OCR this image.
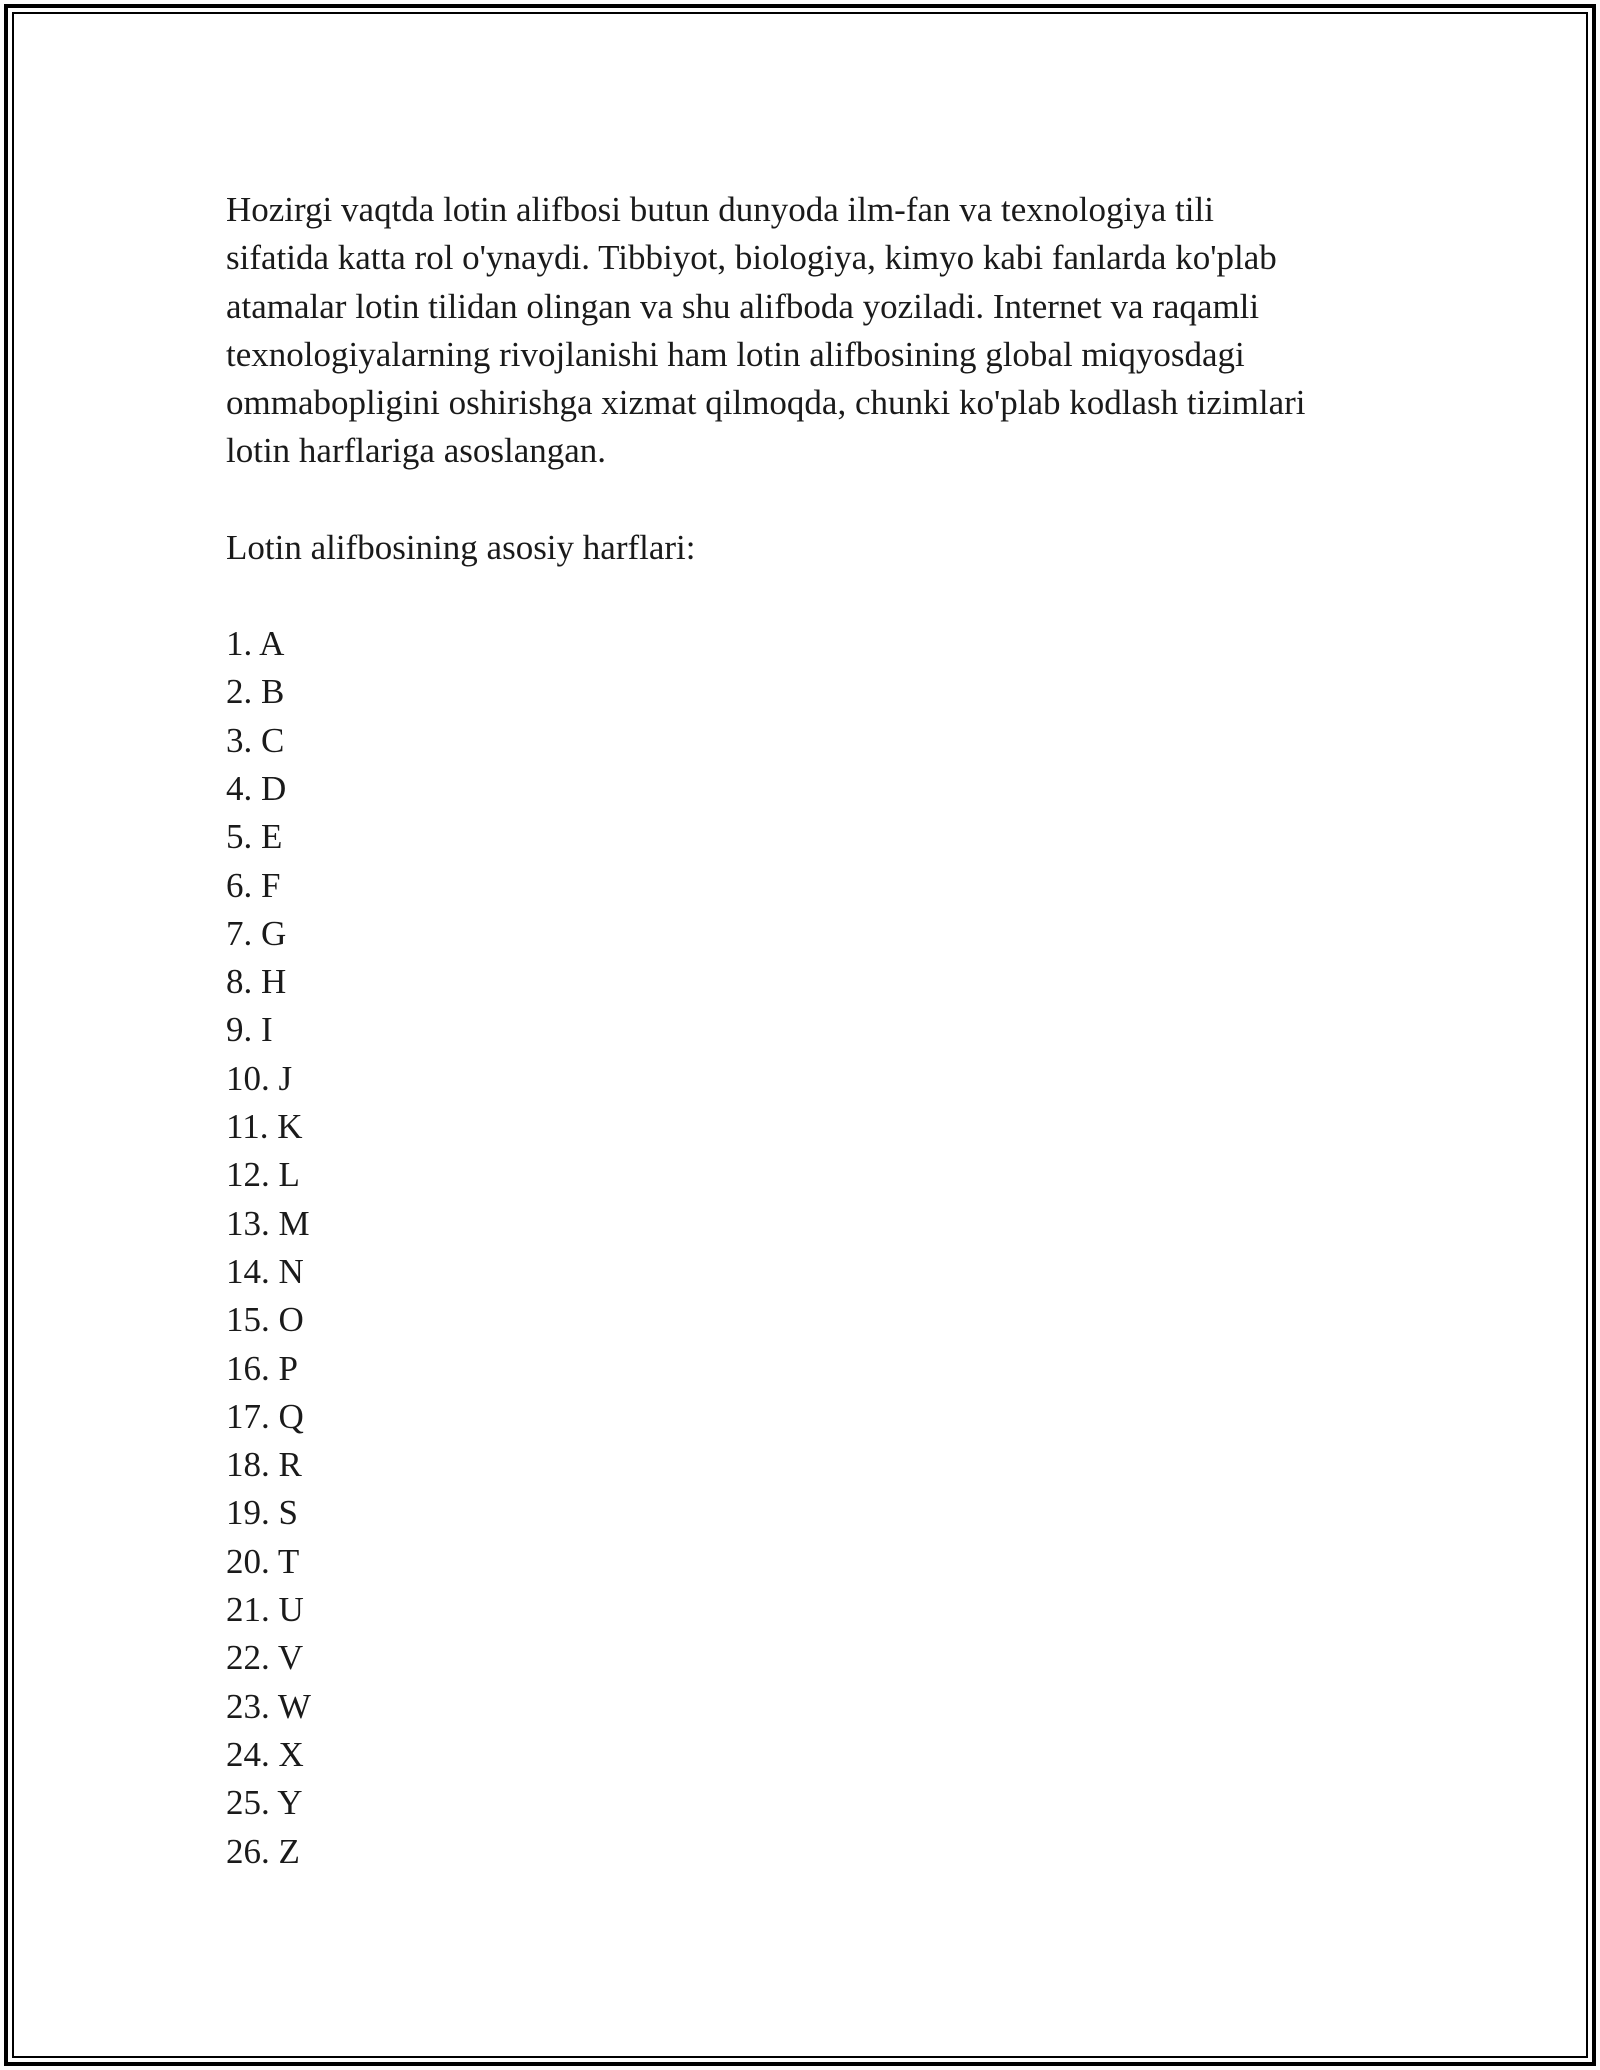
Hozirgi vaqtda lotin alifbosi butun dunyoda ilm-fan va texnologiya tili
sifatida katta rol o'ynaydi. Tibbiyot, biologiya, kimyo kabi fanlarda ko'plab
atamalar lotin tilidan olingan va shu alifboda yoziladi. Internet va raqamli
texnologiyalarning rivojlanishi ham lotin alifbosining global miqyosdagi
ommabopligini oshirishga xizmat qilmoqda, chunki ko'plab kodlash tizimlari
lotin harflariga asoslangan.

Lotin alifbosining asosiy harflari:

1. A
2. B
3. C
4. D
5. E
6. F
7. G
8. H
9. I
10. J
11. K
12. L
13. M
14. N
15. O
16. P
17. Q
18. R
19. S
20. T
21. U
22. V
23. W
24. X
25. Y
26. Z
